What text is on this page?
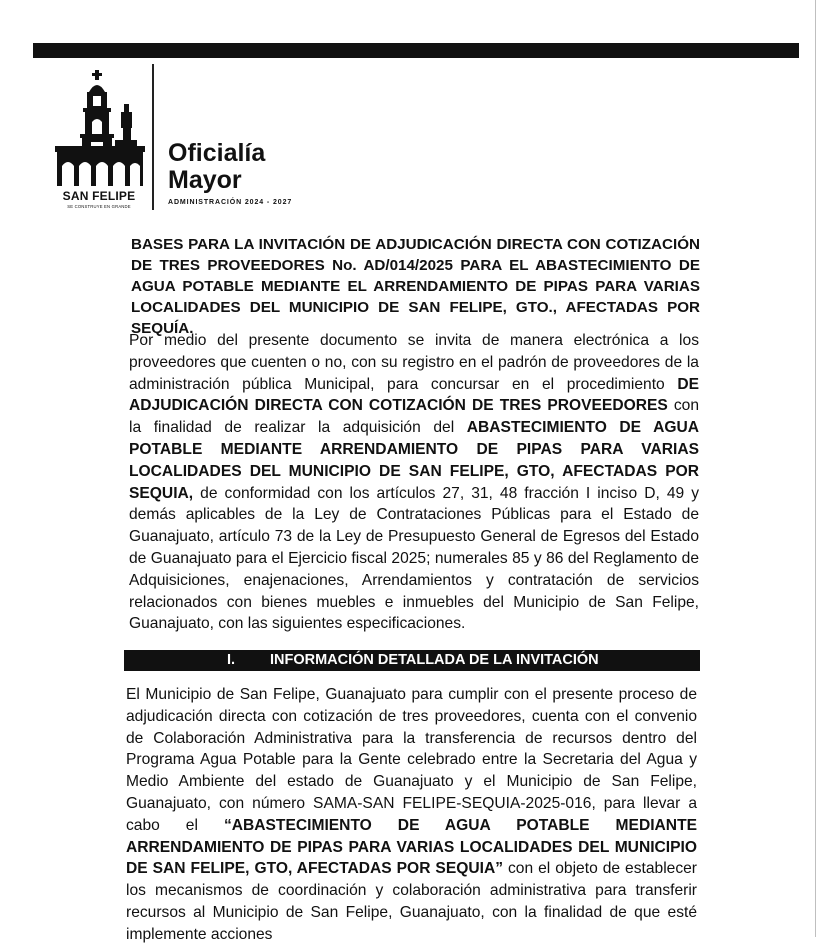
SAN FELIPE
SE CONSTRUYE EN GRANDE
Oficialía
Mayor
ADMINISTRACIÓN 2024 - 2027
BASES PARA LA INVITACIÓN DE ADJUDICACIÓN DIRECTA CON COTIZACIÓN DE TRES PROVEEDORES No. AD/014/2025 PARA EL ABASTECIMIENTO DE AGUA POTABLE MEDIANTE EL ARRENDAMIENTO DE PIPAS PARA VARIAS LOCALIDADES DEL MUNICIPIO DE SAN FELIPE, GTO., AFECTADAS POR SEQUÍA.

Por medio del presente documento se invita de manera electrónica a los proveedores que cuenten o no, con su registro en el padrón de proveedores de la administración pública Municipal, para concursar en el procedimiento DE ADJUDICACIÓN DIRECTA CON COTIZACIÓN DE TRES PROVEEDORES con la finalidad de realizar la adquisición del ABASTECIMIENTO DE AGUA POTABLE MEDIANTE ARRENDAMIENTO DE PIPAS PARA VARIAS LOCALIDADES DEL MUNICIPIO DE SAN FELIPE, GTO, AFECTADAS POR SEQUIA, de conformidad con los artículos 27, 31, 48 fracción I inciso D, 49 y demás aplicables de la Ley de Contrataciones Públicas para el Estado de Guanajuato, artículo 73 de la Ley de Presupuesto General de Egresos del Estado de Guanajuato para el Ejercicio fiscal 2025; numerales 85 y 86 del Reglamento de Adquisiciones, enajenaciones, Arrendamientos y contratación de servicios relacionados con bienes muebles e inmuebles del Municipio de San Felipe, Guanajuato, con las siguientes especificaciones.

I. INFORMACIÓN DETALLADA DE LA INVITACIÓN

El Municipio de San Felipe, Guanajuato para cumplir con el presente proceso de adjudicación directa con cotización de tres proveedores, cuenta con el convenio de Colaboración Administrativa para la transferencia de recursos dentro del Programa Agua Potable para la Gente celebrado entre la Secretaria del Agua y Medio Ambiente del estado de Guanajuato y el Municipio de San Felipe, Guanajuato, con número SAMA-SAN FELIPE-SEQUIA-2025-016, para llevar a cabo el “ABASTECIMIENTO DE AGUA POTABLE MEDIANTE ARRENDAMIENTO DE PIPAS PARA VARIAS LOCALIDADES DEL MUNICIPIO DE SAN FELIPE, GTO, AFECTADAS POR SEQUIA” con el objeto de establecer los mecanismos de coordinación y colaboración administrativa para transferir recursos al Municipio de San Felipe, Guanajuato, con la finalidad de que esté implemente acciones
